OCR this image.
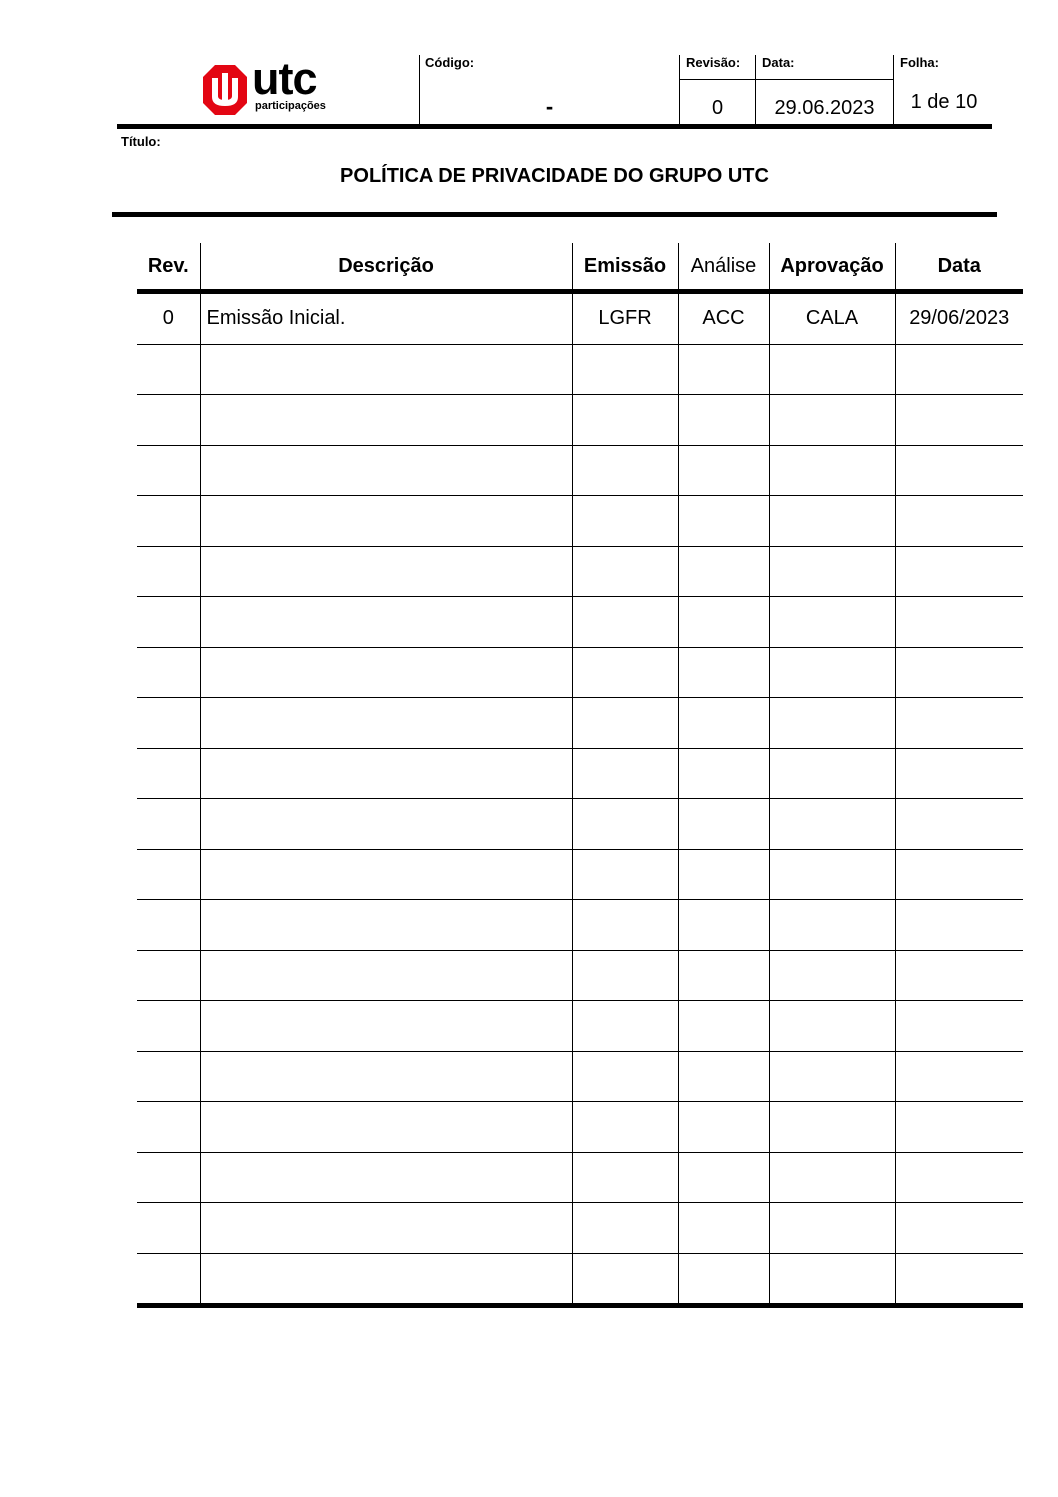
utc
participações
Código:
-
Revisão:
0
Data:
29.06.2023
Folha:
1 de 10
Título:
POLÍTICA DE PRIVACIDADE DO GRUPO UTC
Rev.	Descrição	Emissão	Análise	Aprovação	Data
0	Emissão Inicial.	LGFR	ACC	CALA	29/06/2023
